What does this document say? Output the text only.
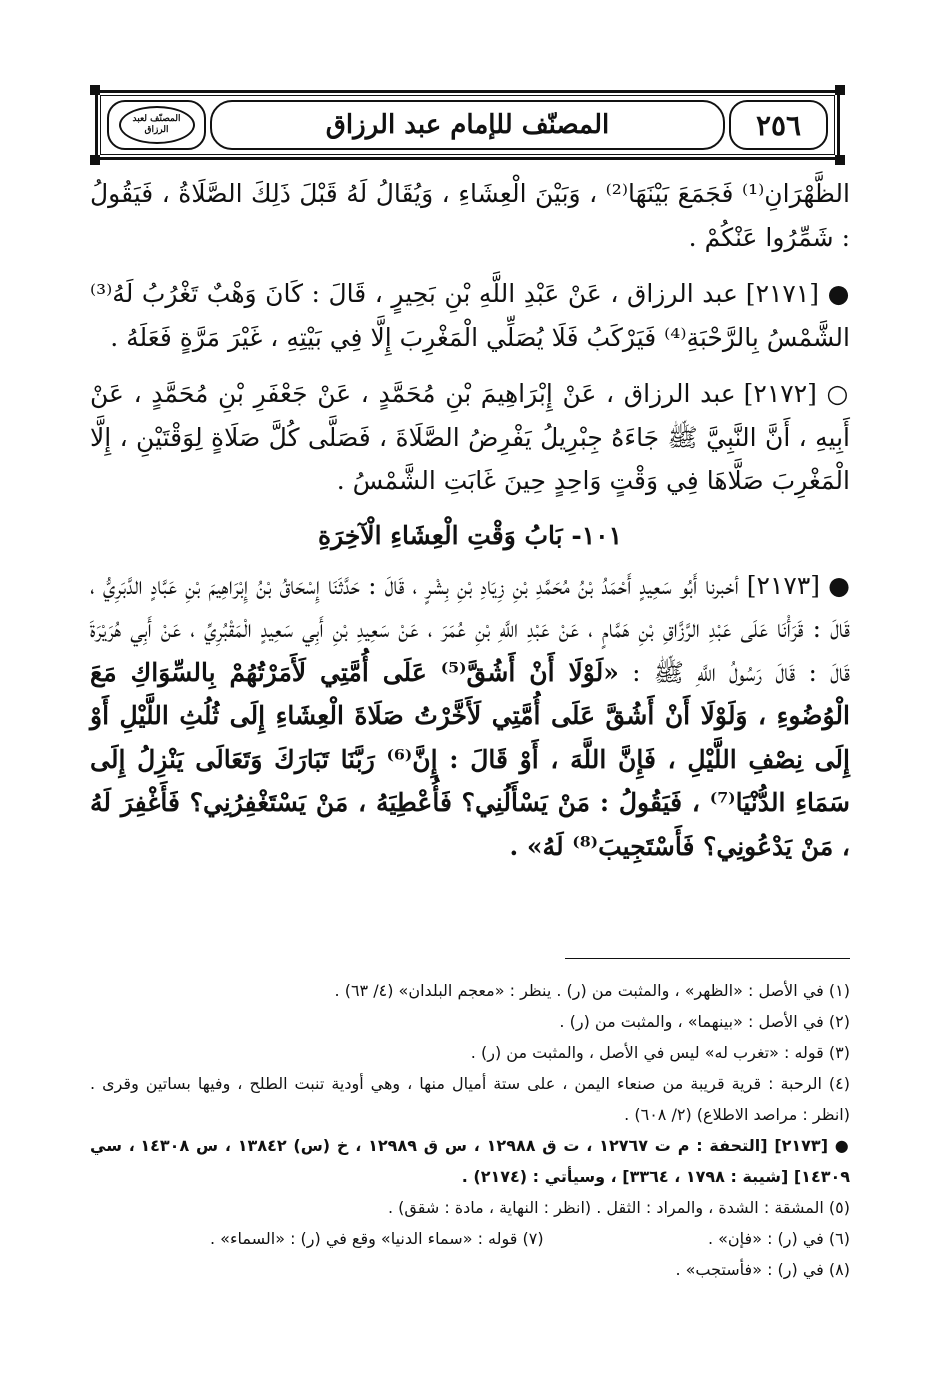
٢٥٦
المصنّف للإمام عبد الرزاق
المصنّف لعبد الرزاق

الظَّهْرَانِ⁽¹⁾ فَجَمَعَ بَيْنَهَا⁽²⁾ ، وَبَيْنَ الْعِشَاءِ ، وَيُقَالُ لَهُ قَبْلَ ذَلِكَ الصَّلَاةُ ، فَيَقُولُ : شَمِّرُوا عَنْكُمْ .

● [٢١٧١] عبد الرزاق ، عَنْ عَبْدِ اللَّهِ بْنِ بَحِيرٍ ، قَالَ : كَانَ وَهْبٌ تَغْرُبُ لَهُ⁽³⁾ الشَّمْسُ بِالرَّحْبَةِ⁽⁴⁾ فَيَرْكَبُ فَلَا يُصَلِّي الْمَغْرِبَ إِلَّا فِي بَيْتِهِ ، غَيْرَ مَرَّةٍ فَعَلَهُ .

○ [٢١٧٢] عبد الرزاق ، عَنْ إِبْرَاهِيمَ بْنِ مُحَمَّدٍ ، عَنْ جَعْفَرِ بْنِ مُحَمَّدٍ ، عَنْ أَبِيهِ ، أَنَّ النَّبِيَّ ﷺ جَاءَهُ جِبْرِيلُ يَفْرِضُ الصَّلَاةَ ، فَصَلَّى كُلَّ صَلَاةٍ لِوَقْتَيْنِ ، إِلَّا الْمَغْرِبَ صَلَّاهَا فِي وَقْتٍ وَاحِدٍ حِينَ غَابَتِ الشَّمْسُ .

١٠١- بَابُ وَقْتِ الْعِشَاءِ الْآخِرَةِ

● [٢١٧٣] أخبرنا أَبُو سَعِيدٍ أَحْمَدُ بْنُ مُحَمَّدِ بْنِ زِيَادِ بْنِ بِشْرٍ ، قَالَ : حَدَّثَنَا إِسْحَاقُ بْنُ إِبْرَاهِيمَ بْنِ عَبَّادٍ الدَّبَرِيُّ ، قَالَ : قَرَأْنَا عَلَى عَبْدِ الرَّزَّاقِ بْنِ هَمَّامٍ ، عَنْ عَبْدِ اللَّهِ بْنِ عُمَرَ ، عَنْ سَعِيدِ بْنِ أَبِي سَعِيدٍ الْمَقْبُرِيِّ ، عَنْ أَبِي هُرَيْرَةَ قَالَ : قَالَ رَسُولُ اللَّهِ ﷺ : «لَوْلَا أَنْ أَشُقَّ⁽⁵⁾ عَلَى أُمَّتِي لَأَمَرْتُهُمْ بِالسِّوَاكِ مَعَ الْوُضُوءِ ، وَلَوْلَا أَنْ أَشُقَّ عَلَى أُمَّتِي لَأَخَّرْتُ صَلَاةَ الْعِشَاءِ إِلَى ثُلُثِ اللَّيْلِ أَوْ إِلَى نِصْفِ اللَّيْلِ ، فَإِنَّ اللَّهَ ، أَوْ قَالَ : إِنَّ⁽⁶⁾ رَبَّنَا تَبَارَكَ وَتَعَالَى يَنْزِلُ إِلَى سَمَاءِ الدُّنْيَا⁽⁷⁾ ، فَيَقُولُ : مَنْ يَسْأَلُنِي؟ فَأُعْطِيَهُ ، مَنْ يَسْتَغْفِرُنِي؟ فَأَغْفِرَ لَهُ ، مَنْ يَدْعُونِي؟ فَأَسْتَجِيبَ⁽⁸⁾ لَهُ» .

(١) في الأصل : «الظهر» ، والمثبت من (ر) . ينظر : «معجم البلدان» (٤/ ٦٣) .

(٢) في الأصل : «بينهما» ، والمثبت من (ر) .

(٣) قوله : «تغرب له» ليس في الأصل ، والمثبت من (ر) .

(٤) الرحبة : قرية قريبة من صنعاء اليمن ، على ستة أميال منها ، وهي أودية تنبت الطلح ، وفيها بساتين وقرى . (انظر : مراصد الاطلاع) (٢/ ٦٠٨) .

● [٢١٧٣] [التحفة : م ت ١٢٧٦٧ ، ت ق ١٢٩٨٨ ، س ق ١٢٩٨٩ ، خ (س) ١٣٨٤٢ ، س ١٤٣٠٨ ، سي ١٤٣٠٩] [شيبة : ١٧٩٨ ، ٣٣٦٤] ، وسيأتي : (٢١٧٤) .

(٥) المشقة : الشدة ، والمراد : الثقل . (انظر : النهاية ، مادة : شقق) .

(٦) في (ر) : «فإن» .

(٧) قوله : «سماء الدنيا» وقع في (ر) : «السماء» .

(٨) في (ر) : «فأستجب» .
